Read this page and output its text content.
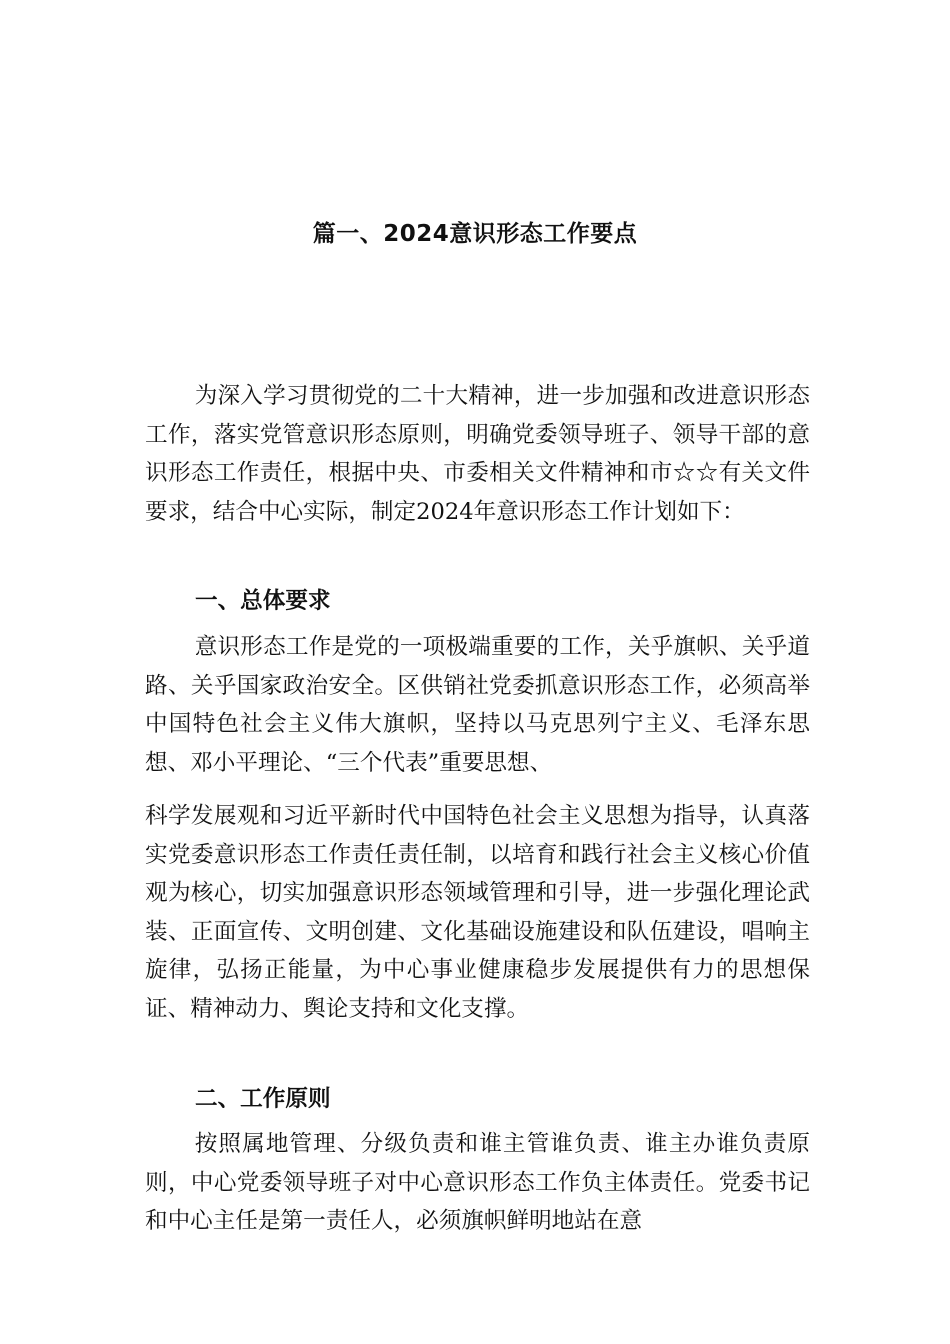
篇一、2024意识形态工作要点

为深入学习贯彻党的二十大精神，进一步加强和改进意识形态工作，落实党管意识形态原则，明确党委领导班子、领导干部的意识形态工作责任，根据中央、市委相关文件精神和市☆☆有关文件要求，结合中心实际，制定2024年意识形态工作计划如下：

一、总体要求

意识形态工作是党的一项极端重要的工作，关乎旗帜、关乎道路、关乎国家政治安全。区供销社党委抓意识形态工作，必须高举中国特色社会主义伟大旗帜，坚持以马克思列宁主义、毛泽东思想、邓小平理论、“三个代表”重要思想、

科学发展观和习近平新时代中国特色社会主义思想为指导，认真落实党委意识形态工作责任责任制，以培育和践行社会主义核心价值观为核心，切实加强意识形态领域管理和引导，进一步强化理论武装、正面宣传、文明创建、文化基础设施建设和队伍建设，唱响主旋律，弘扬正能量，为中心事业健康稳步发展提供有力的思想保证、精神动力、舆论支持和文化支撑。

二、工作原则

按照属地管理、分级负责和谁主管谁负责、谁主办谁负责原则，中心党委领导班子对中心意识形态工作负主体责任。党委书记和中心主任是第一责任人，必须旗帜鲜明地站在意
